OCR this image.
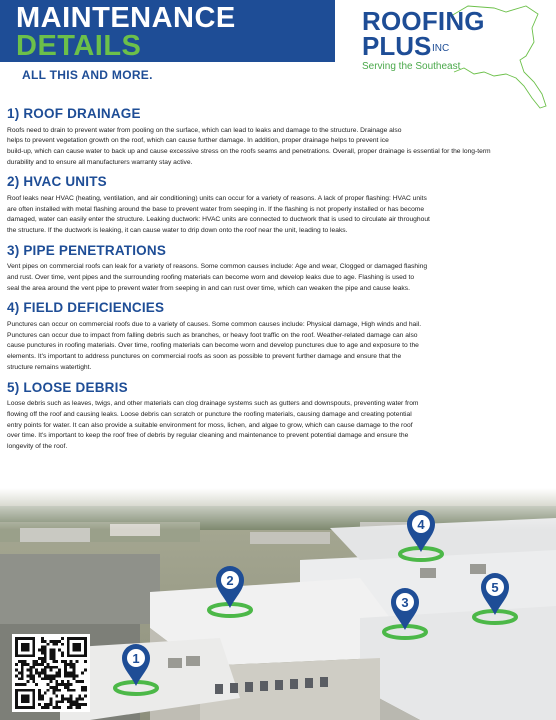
MAINTENANCE
DETAILS
ALL THIS AND MORE.
ROOFING
PLUS INC
Serving the Southeast
1) ROOF DRAINAGE

Roofs need to drain to prevent water from pooling on the surface, which can lead to leaks and damage to the structure. Drainage also

helps to prevent vegetation growth on the roof, which can cause further damage. In addition, proper drainage helps to prevent ice

build-up, which can cause water to back up and cause excessive stress on the roofs seams and penetrations. Overall, proper drainage is essential for the long-term

durability and to ensure all manufacturers warranty stay active.

2) HVAC UNITS

Roof leaks near HVAC (heating, ventilation, and air conditioning) units can occur for a variety of reasons. A lack of proper flashing: HVAC units

are often installed with metal flashing around the base to prevent water from seeping in. If the flashing is not properly installed or has become

damaged, water can easily enter the structure. Leaking ductwork: HVAC units are connected to ductwork that is used to circulate air throughout

the structure. If the ductwork is leaking, it can cause water to drip down onto the roof near the unit, leading to leaks.

3) PIPE PENETRATIONS

Vent pipes on commercial roofs can leak for a variety of reasons. Some common causes include: Age and wear, Clogged or damaged flashing

and rust. Over time, vent pipes and the surrounding roofing materials can become worn and develop leaks due to age. Flashing is used to

seal the area around the vent pipe to prevent water from seeping in and can rust over time, which can weaken the pipe and cause leaks.

4) FIELD DEFICIENCIES

Punctures can occur on commercial roofs due to a variety of causes. Some common causes include: Physical damage, High winds and hail.

Punctures can occur due to impact from falling debris such as branches, or heavy foot traffic on the roof. Weather-related damage can also

cause punctures in roofing materials. Over time, roofing materials can become worn and develop punctures due to age and exposure to the

elements. It's important to address punctures on commercial roofs as soon as possible to prevent further damage and ensure that the

structure remains watertight.

5) LOOSE DEBRIS

Loose debris such as leaves, twigs, and other materials can clog drainage systems such as gutters and downspouts, preventing water from

flowing off the roof and causing leaks. Loose debris can scratch or puncture the roofing materials, causing damage and creating potential

entry points for water. It can also provide a suitable environment for moss, lichen, and algae to grow, which can cause damage to the roof

over time. It's important to keep the roof free of debris by regular cleaning and maintenance to prevent potential damage and ensure the

longevity of the roof.

1
2
3
4
5
